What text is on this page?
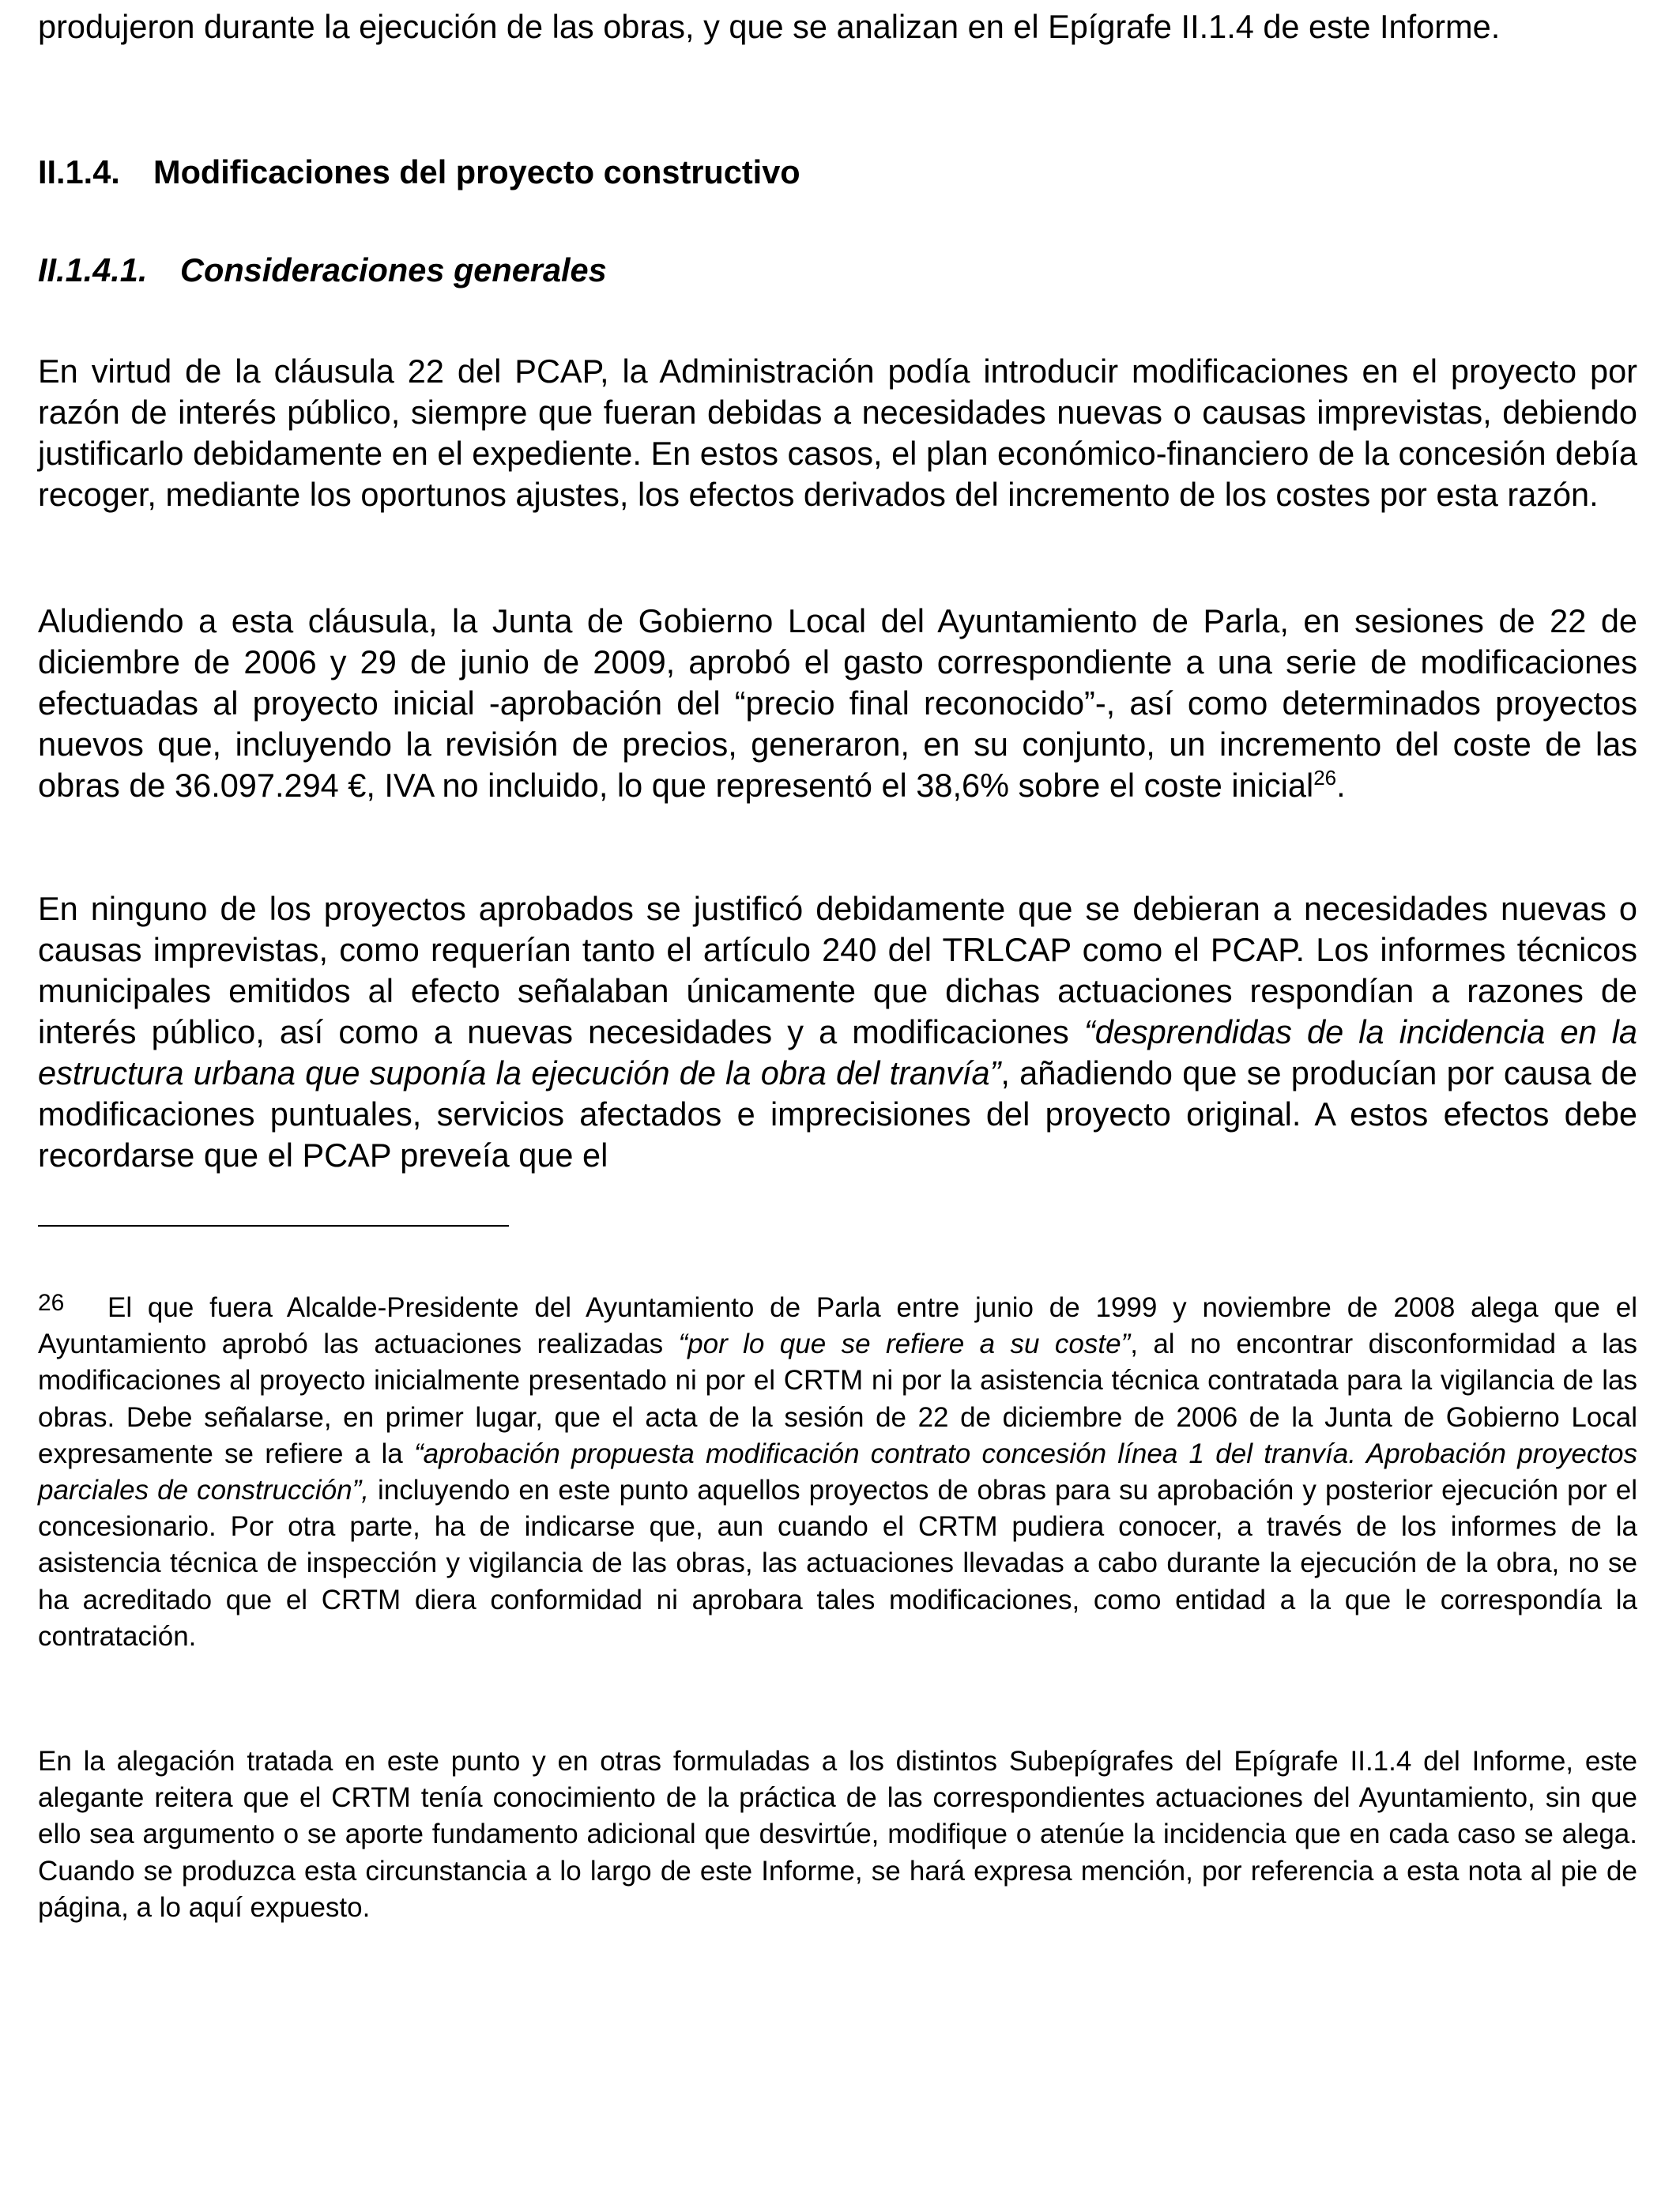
produjeron durante la ejecución de las obras, y que se analizan en el Epígrafe II.1.4 de este Informe.

II.1.4. Modificaciones del proyecto constructivo

II.1.4.1. Consideraciones generales

En virtud de la cláusula 22 del PCAP, la Administración podía introducir modificaciones en el proyecto por razón de interés público, siempre que fueran debidas a necesidades nuevas o causas imprevistas, debiendo justificarlo debidamente en el expediente. En estos casos, el plan económico-financiero de la concesión debía recoger, mediante los oportunos ajustes, los efectos derivados del incremento de los costes por esta razón.

Aludiendo a esta cláusula, la Junta de Gobierno Local del Ayuntamiento de Parla, en sesiones de 22 de diciembre de 2006 y 29 de junio de 2009, aprobó el gasto correspondiente a una serie de modificaciones efectuadas al proyecto inicial -aprobación del “precio final reconocido”-, así como determinados proyectos nuevos que, incluyendo la revisión de precios, generaron, en su conjunto, un incremento del coste de las obras de 36.097.294 €, IVA no incluido, lo que representó el 38,6% sobre el coste inicial$^{26}$.

En ninguno de los proyectos aprobados se justificó debidamente que se debieran a necesidades nuevas o causas imprevistas, como requerían tanto el artículo 240 del TRLCAP como el PCAP. Los informes técnicos municipales emitidos al efecto señalaban únicamente que dichas actuaciones respondían a razones de interés público, así como a nuevas necesidades y a modificaciones “desprendidas de la incidencia en la estructura urbana que suponía la ejecución de la obra del tranvía”, añadiendo que se producían por causa de modificaciones puntuales, servicios afectados e imprecisiones del proyecto original. A estos efectos debe recordarse que el PCAP preveía que el

26 El que fuera Alcalde-Presidente del Ayuntamiento de Parla entre junio de 1999 y noviembre de 2008 alega que el Ayuntamiento aprobó las actuaciones realizadas “por lo que se refiere a su coste”, al no encontrar disconformidad a las modificaciones al proyecto inicialmente presentado ni por el CRTM ni por la asistencia técnica contratada para la vigilancia de las obras. Debe señalarse, en primer lugar, que el acta de la sesión de 22 de diciembre de 2006 de la Junta de Gobierno Local expresamente se refiere a la “aprobación propuesta modificación contrato concesión línea 1 del tranvía. Aprobación proyectos parciales de construcción”, incluyendo en este punto aquellos proyectos de obras para su aprobación y posterior ejecución por el concesionario. Por otra parte, ha de indicarse que, aun cuando el CRTM pudiera conocer, a través de los informes de la asistencia técnica de inspección y vigilancia de las obras, las actuaciones llevadas a cabo durante la ejecución de la obra, no se ha acreditado que el CRTM diera conformidad ni aprobara tales modificaciones, como entidad a la que le correspondía la contratación.

En la alegación tratada en este punto y en otras formuladas a los distintos Subepígrafes del Epígrafe II.1.4 del Informe, este alegante reitera que el CRTM tenía conocimiento de la práctica de las correspondientes actuaciones del Ayuntamiento, sin que ello sea argumento o se aporte fundamento adicional que desvirtúe, modifique o atenúe la incidencia que en cada caso se alega. Cuando se produzca esta circunstancia a lo largo de este Informe, se hará expresa mención, por referencia a esta nota al pie de página, a lo aquí expuesto.
